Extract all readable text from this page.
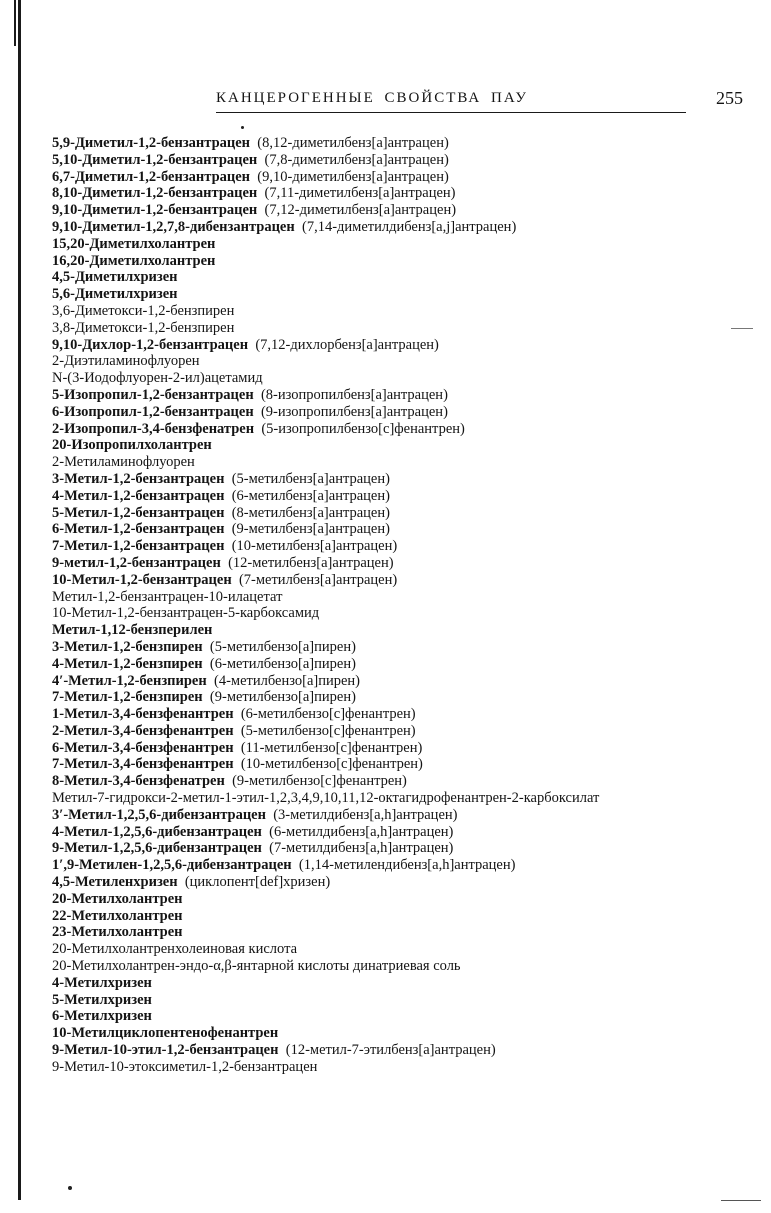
КАНЦЕРОГЕННЫЕ СВОЙСТВА ПАУ	255
5,9-Диметил-1,2-бензантрацен (8,12-диметилбенз[a]антрацен)
5,10-Диметил-1,2-бензантрацен (7,8-диметилбенз[a]антрацен)
6,7-Диметил-1,2-бензантрацен (9,10-диметилбенз[a]антрацен)
8,10-Диметил-1,2-бензантрацен (7,11-диметилбенз[a]антрацен)
9,10-Диметил-1,2-бензантрацен (7,12-диметилбенз[a]антрацен)
9,10-Диметил-1,2,7,8-дибензантрацен (7,14-диметилдибенз[a,j]антрацен)
15,20-Диметилхолантрен
16,20-Диметилхолантрен
4,5-Диметилхризен
5,6-Диметилхризен
3,6-Диметокси-1,2-бензпирен
3,8-Диметокси-1,2-бензпирен
9,10-Дихлор-1,2-бензантрацен (7,12-дихлорбенз[a]антрацен)
2-Диэтиламинофлуорен
N-(3-Иодофлуорен-2-ил)ацетамид
5-Изопропил-1,2-бензантрацен (8-изопропилбенз[a]антрацен)
6-Изопропил-1,2-бензантрацен (9-изопропилбенз[a]антрацен)
2-Изопропил-3,4-бензфенатрен (5-изопропилбензо[c]фенантрен)
20-Изопропилхолантрен
2-Метиламинофлуорен
3-Метил-1,2-бензантрацен (5-метилбенз[a]антрацен)
4-Метил-1,2-бензантрацен (6-метилбенз[a]антрацен)
5-Метил-1,2-бензантрацен (8-метилбенз[a]антрацен)
6-Метил-1,2-бензантрацен (9-метилбенз[a]антрацен)
7-Метил-1,2-бензантрацен (10-метилбенз[a]антрацен)
9-метил-1,2-бензантрацен (12-метилбенз[a]антрацен)
10-Метил-1,2-бензантрацен (7-метилбенз[a]антрацен)
Метил-1,2-бензантрацен-10-илацетат
10-Метил-1,2-бензантрацен-5-карбоксамид
Метил-1,12-бензперилен
3-Метил-1,2-бензпирен (5-метилбензо[a]пирен)
4-Метил-1,2-бензпирен (6-метилбензо[a]пирен)
4′-Метил-1,2-бензпирен (4-метилбензо[a]пирен)
7-Метил-1,2-бензпирен (9-метилбензо[a]пирен)
1-Метил-3,4-бензфенантрен (6-метилбензо[c]фенантрен)
2-Метил-3,4-бензфенантрен (5-метилбензо[c]фенантрен)
6-Метил-3,4-бензфенантрен (11-метилбензо[c]фенантрен)
7-Метил-3,4-бензфенантрен (10-метилбензо[c]фенантрен)
8-Метил-3,4-бензфенатрен (9-метилбензо[c]фенантрен)
Метил-7-гидрокси-2-метил-1-этил-1,2,3,4,9,10,11,12-октагидрофенантрен-2-карбоксилат
3′-Метил-1,2,5,6-дибензантрацен (3-метилдибенз[a,h]антрацен)
4-Метил-1,2,5,6-дибензантрацен (6-метилдибенз[a,h]антрацен)
9-Метил-1,2,5,6-дибензантрацен (7-метилдибенз[a,h]антрацен)
1′,9-Метилен-1,2,5,6-дибензантрацен (1,14-метилендибенз[a,h]антрацен)
4,5-Метиленхризен (циклопент[def]хризен)
20-Метилхолантрен
22-Метилхолантрен
23-Метилхолантрен
20-Метилхолантренхолеиновая кислота
20-Метилхолантрен-эндо-α,β-янтарной кислоты динатриевая соль
4-Метилхризен
5-Метилхризен
6-Метилхризен
10-Метилциклопентенофенантрен
9-Метил-10-этил-1,2-бензантрацен (12-метил-7-этилбенз[a]антрацен)
9-Метил-10-этоксиметил-1,2-бензантрацен
